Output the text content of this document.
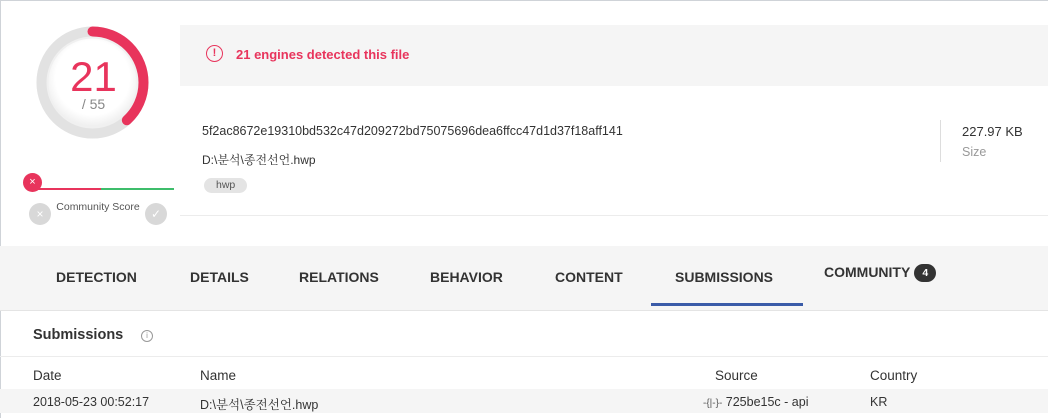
21
/ 55
×
×	Community Score ✓
!	21 engines detected this file
5f2ac8672e19310bd532c47d209272bd75075696dea6ffcc47d1d37f18aff141
D:\분석\종전선언.hwp
hwp
227.97 KB
Size
DETECTION	DETAILS	RELATIONS	BEHAVIOR	CONTENT	SUBMISSIONS	COMMUNITY 4
Submissions	i
Date	Name	Source	Country
2018-05-23 00:52:17	D:\분석\종전선언.hwp	-{|-}- 725be15c - api	KR
